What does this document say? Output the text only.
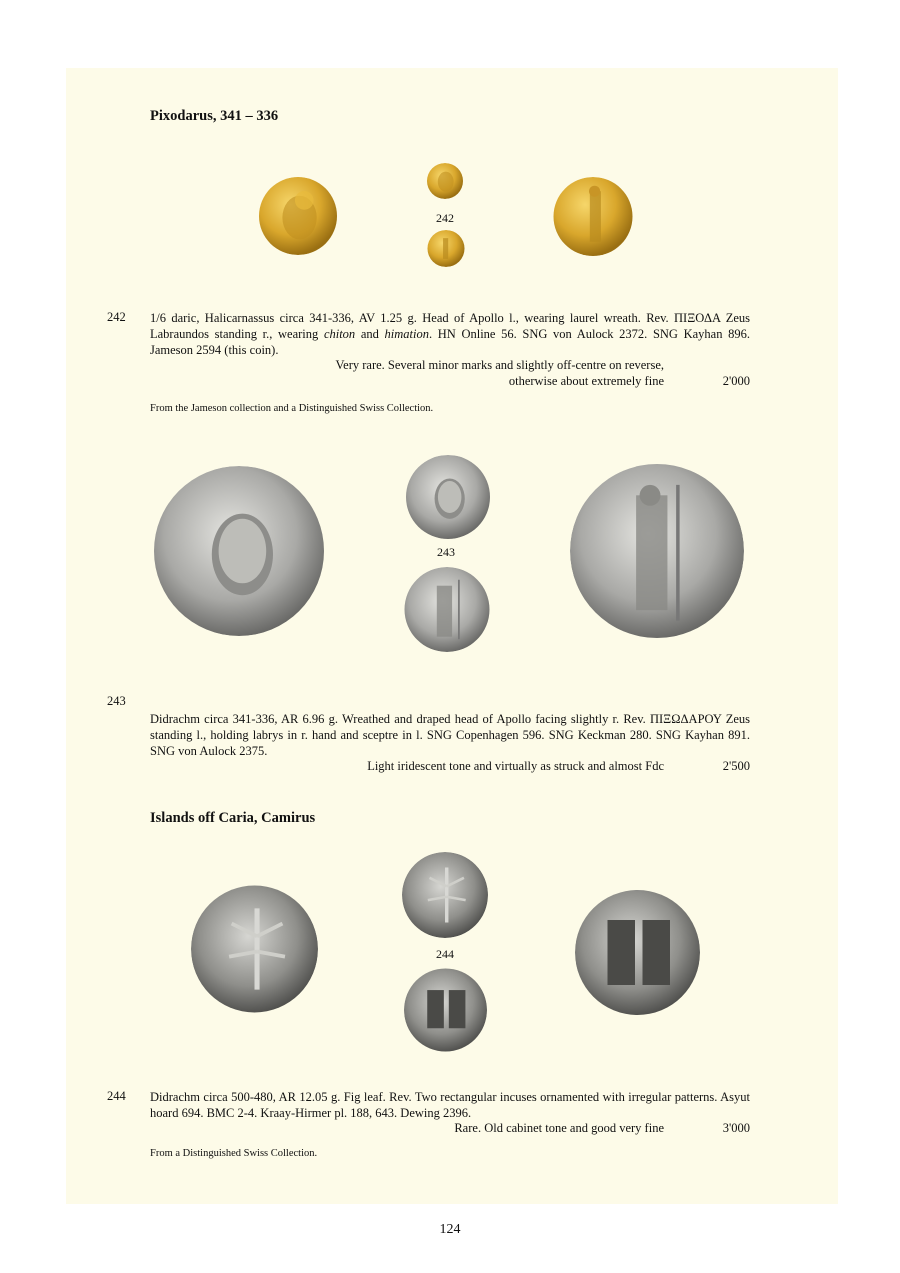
Pixodarus, 341 – 336
242
242 1/6 daric, Halicarnassus circa 341-336, AV 1.25 g. Head of Apollo l., wearing laurel wreath. Rev. ΠΙΞΟΔΑ Zeus Labraundos standing r., wearing chiton and himation. HN Online 56. SNG von Aulock 2372. SNG Kayhan 896. Jameson 2594 (this coin).
Very rare. Several minor marks and slightly off-centre on reverse,
otherwise about extremely fine	2'000
From the Jameson collection and a Distinguished Swiss Collection.
243
243
Didrachm circa 341-336, AR 6.96 g. Wreathed and draped head of Apollo facing slightly r. Rev. ΠΙΞΩΔΑΡΟΥ Zeus standing l., holding labrys in r. hand and sceptre in l. SNG Copenhagen 596. SNG Keckman 280. SNG Kayhan 891. SNG von Aulock 2375.
Light iridescent tone and virtually as struck and almost Fdc	2'500
Islands off Caria, Camirus
244
244 Didrachm circa 500-480, AR 12.05 g. Fig leaf. Rev. Two rectangular incuses ornamented with irregular patterns. Asyut hoard 694. BMC 2-4. Kraay-Hirmer pl. 188, 643. Dewing 2396.
Rare. Old cabinet tone and good very fine	3'000
From a Distinguished Swiss Collection.
124
